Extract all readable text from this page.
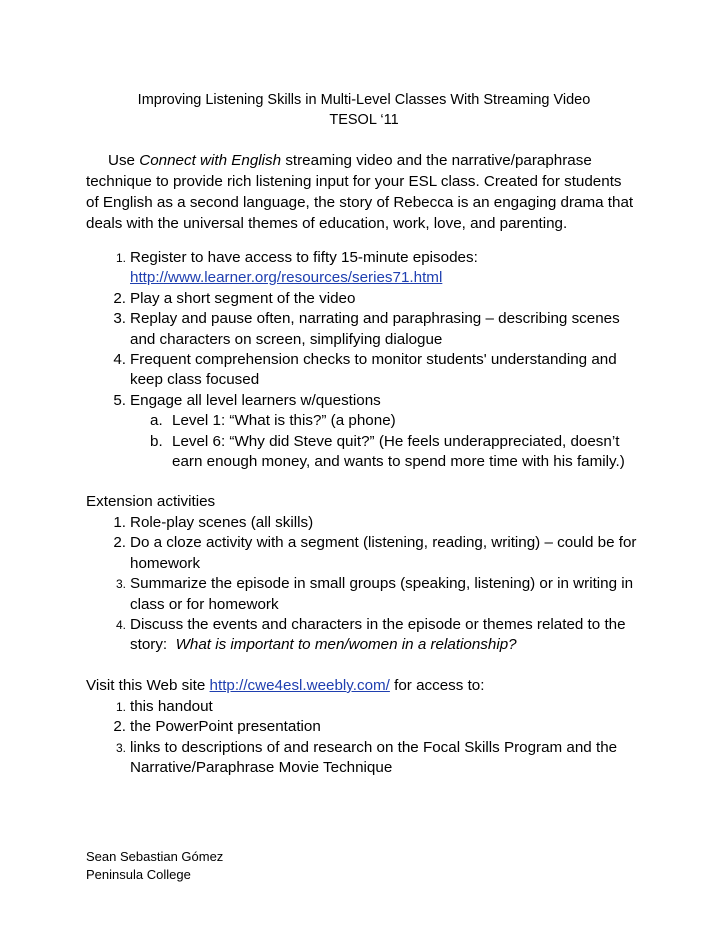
Improving Listening Skills in Multi-Level Classes With Streaming Video
TESOL ‘11
Use Connect with English streaming video and the narrative/paraphrase
technique to provide rich listening input for your ESL class. Created for students
of English as a second language, the story of Rebecca is an engaging drama that
deals with the universal themes of education, work, love, and parenting.
1. Register to have access to fifty 15-minute episodes:
http://www.learner.org/resources/series71.html
2. Play a short segment of the video
3. Replay and pause often, narrating and paraphrasing – describing scenes
and characters on screen, simplifying dialogue
4. Frequent comprehension checks to monitor students' understanding and
keep class focused
5. Engage all level learners w/questions
a. Level 1: “What is this?” (a phone)
b. Level 6: “Why did Steve quit?” (He feels underappreciated, doesn’t
earn enough money, and wants to spend more time with his family.)
Extension activities
1. Role-play scenes (all skills)
2. Do a cloze activity with a segment (listening, reading, writing) – could be for
homework
3. Summarize the episode in small groups (speaking, listening) or in writing in
class or for homework
4. Discuss the events and characters in the episode or themes related to the
story:  What is important to men/women in a relationship?
Visit this Web site http://cwe4esl.weebly.com/ for access to:
1. this handout
2. the PowerPoint presentation
3. links to descriptions of and research on the Focal Skills Program and the
Narrative/Paraphrase Movie Technique
Sean Sebastian Gómez
Peninsula College
